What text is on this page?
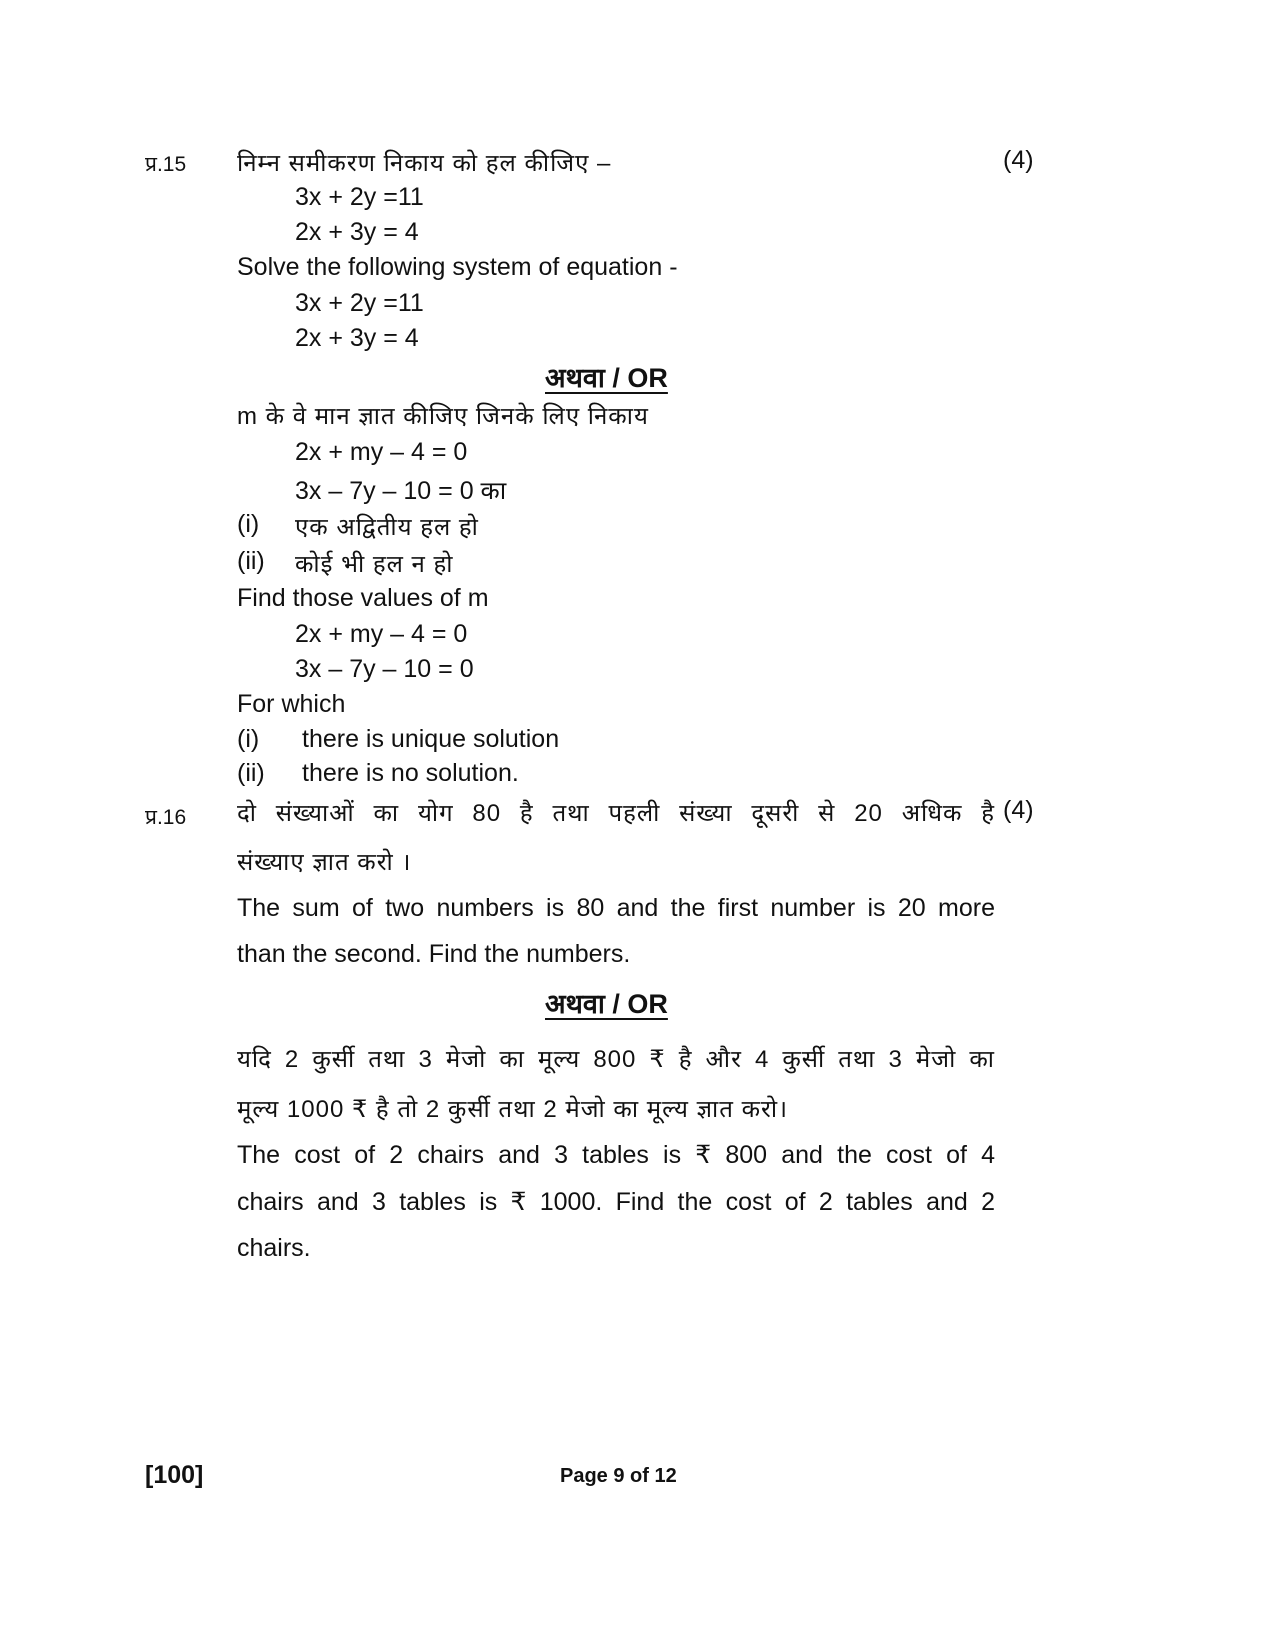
प्र.15 निम्न समीकरण निकाय को हल कीजिए –	(4)
3x + 2y =11
2x + 3y = 4
Solve the following system of equation -
3x + 2y =11
2x + 3y = 4
अथवा / OR
m के वे मान ज्ञात कीजिए जिनके लिए निकाय
2x + my – 4 = 0
3x – 7y – 10 = 0 का
(i) एक अद्वितीय हल हो
(ii) कोई भी हल न हो
Find those values of m
2x + my – 4 = 0
3x – 7y – 10 = 0
For which
(i) there is unique solution
(ii) there is no solution.
प्र.16 दो संख्याओं का योग 80 है तथा पहली संख्या दूसरी से 20 अधिक है (4)
संख्याए ज्ञात करो ।
The sum of two numbers is 80 and the first number is 20 more
than the second. Find the numbers.
अथवा / OR
यदि 2 कुर्सी तथा 3 मेजो का मूल्य 800 ₹ है और 4 कुर्सी तथा 3 मेजो का
मूल्य 1000 ₹ है तो 2 कुर्सी तथा 2 मेजो का मूल्य ज्ञात करो।
The cost of 2 chairs and 3 tables is ₹ 800 and the cost of 4
chairs and 3 tables is ₹ 1000. Find the cost of 2 tables and 2
chairs.
[100]	Page 9 of 12
